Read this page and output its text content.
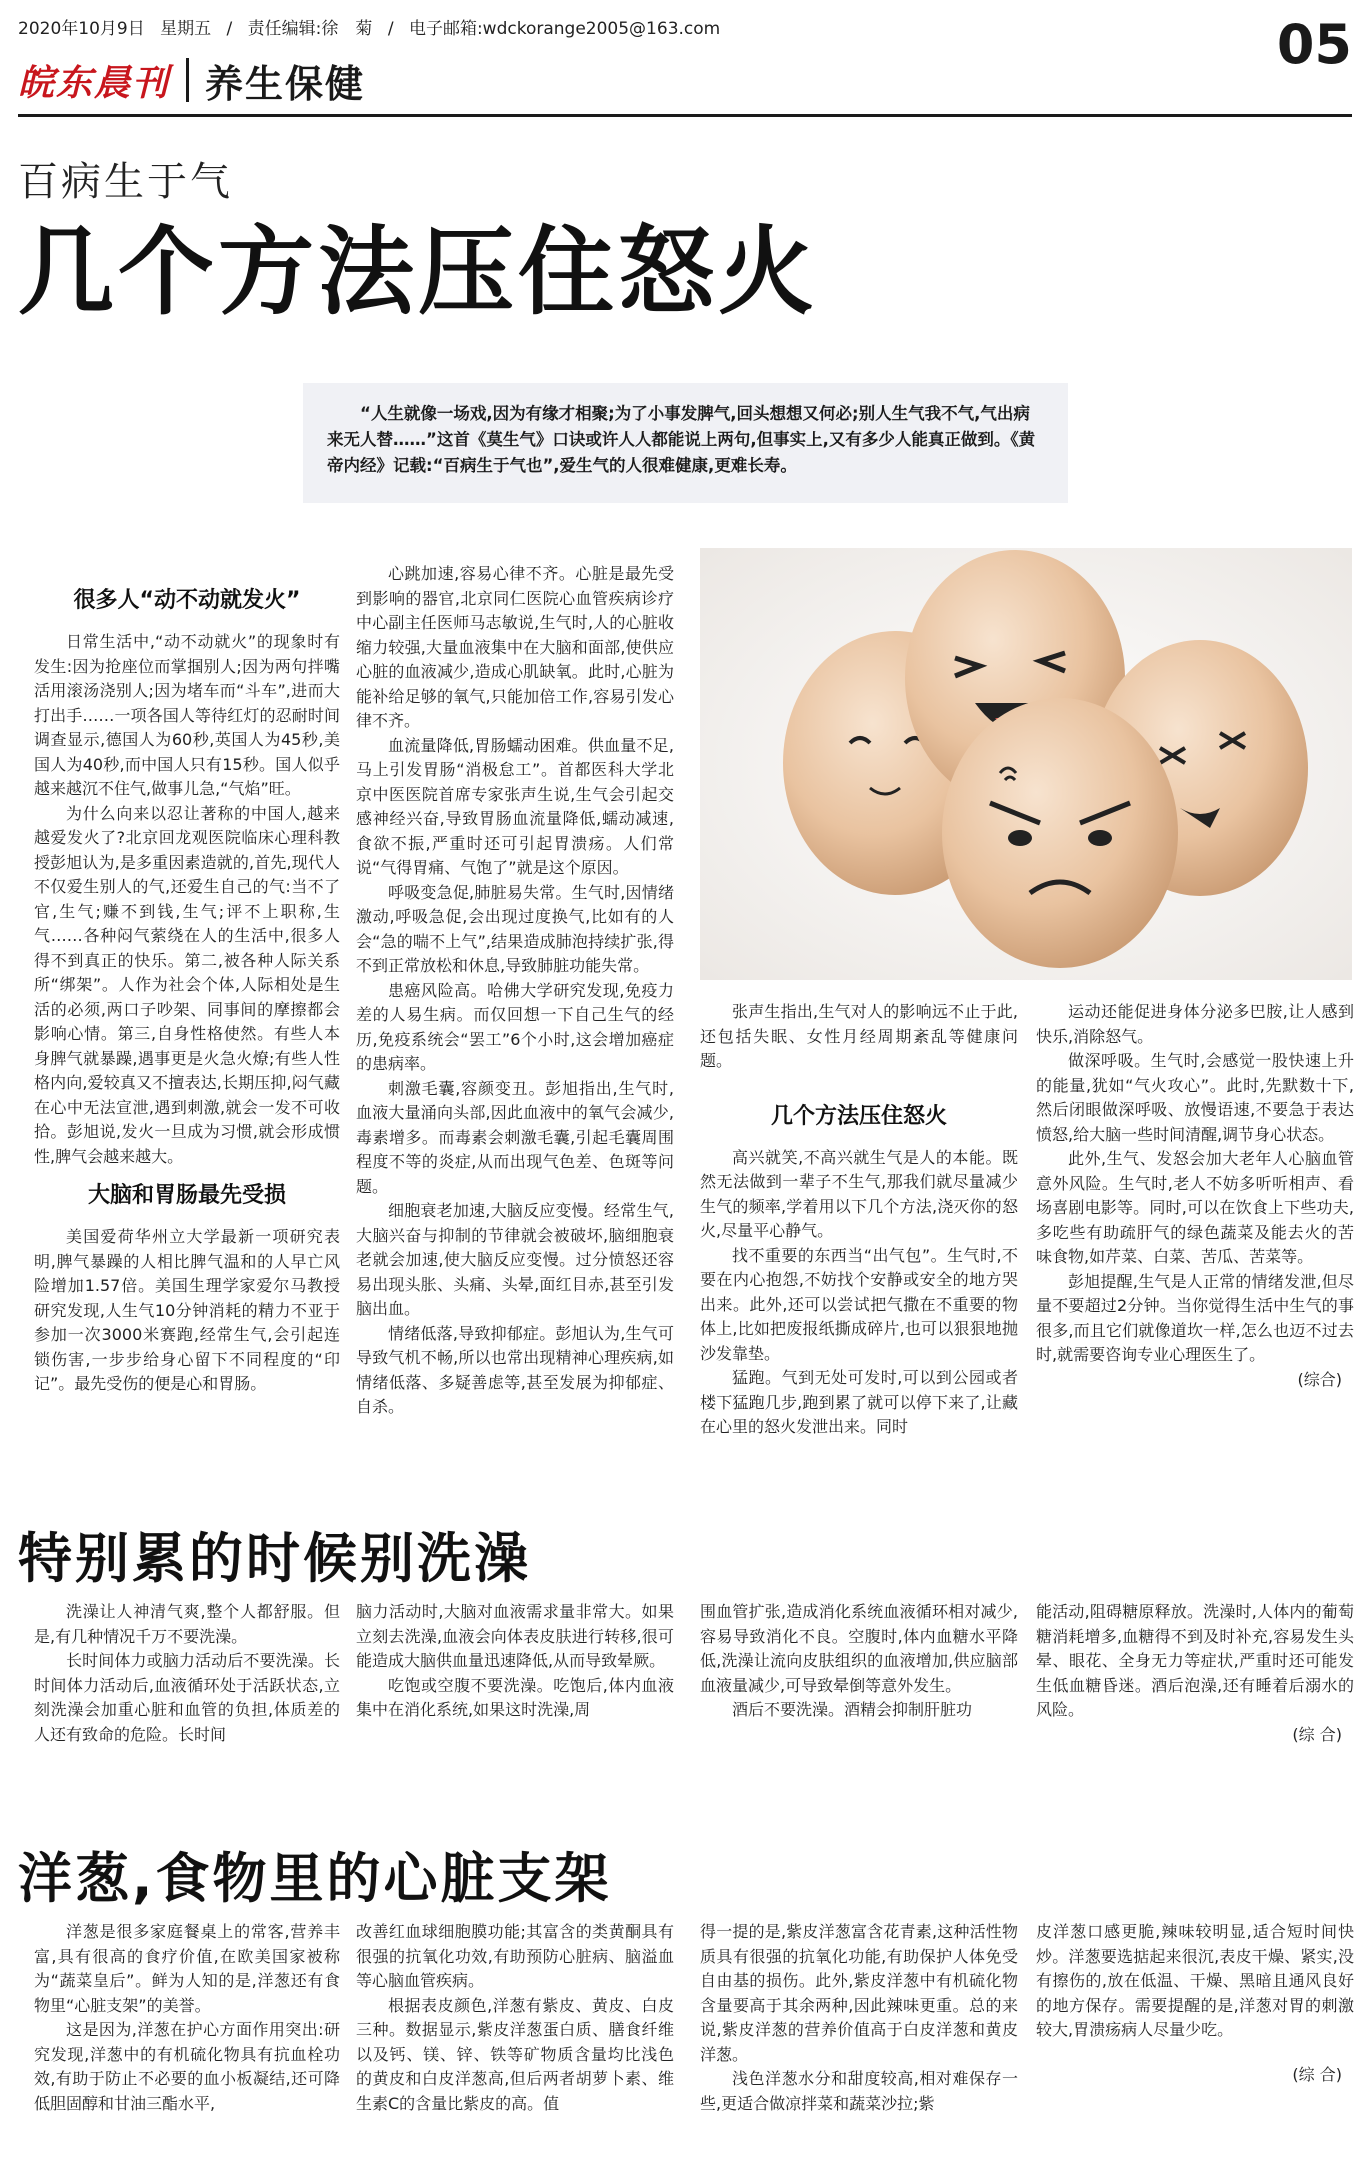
2020年10月9日 星期五 / 责任编辑:徐　菊 / 电子邮箱:wdckorange2005@163.com	05
皖东晨刊 养生保健
百病生于气
几个方法压住怒火

“人生就像一场戏,因为有缘才相聚;为了小事发脾气,回头想想又何必;别人生气我不气,气出病来无人替……”这首《莫生气》口诀或许人人都能说上两句,但事实上,又有多少人能真正做到。《黄帝内经》记载:“百病生于气也”,爱生气的人很难健康,更难长寿。

很多人“动不动就发火”

日常生活中,“动不动就火”的现象时有发生:因为抢座位而掌掴别人;因为两句拌嘴活用滚汤浇别人;因为堵车而“斗车”,进而大打出手……一项各国人等待红灯的忍耐时间调查显示,德国人为60秒,英国人为45秒,美国人为40秒,而中国人只有15秒。国人似乎越来越沉不住气,做事儿急,“气焰”旺。

为什么向来以忍让著称的中国人,越来越爱发火了?北京回龙观医院临床心理科教授彭旭认为,是多重因素造就的,首先,现代人不仅爱生别人的气,还爱生自己的气:当不了官,生气;赚不到钱,生气;评不上职称,生气……各种闷气萦绕在人的生活中,很多人得不到真正的快乐。第二,被各种人际关系所“绑架”。人作为社会个体,人际相处是生活的必须,两口子吵架、同事间的摩擦都会影响心情。第三,自身性格使然。有些人本身脾气就暴躁,遇事更是火急火燎;有些人性格内向,爱较真又不擅表达,长期压抑,闷气藏在心中无法宣泄,遇到刺激,就会一发不可收拾。彭旭说,发火一旦成为习惯,就会形成惯性,脾气会越来越大。

大脑和胃肠最先受损

美国爱荷华州立大学最新一项研究表明,脾气暴躁的人相比脾气温和的人早亡风险增加1.57倍。美国生理学家爱尔马教授研究发现,人生气10分钟消耗的精力不亚于参加一次3000米赛跑,经常生气,会引起连锁伤害,一步步给身心留下不同程度的“印记”。最先受伤的便是心和胃肠。

心跳加速,容易心律不齐。心脏是最先受到影响的器官,北京同仁医院心血管疾病诊疗中心副主任医师马志敏说,生气时,人的心脏收缩力较强,大量血液集中在大脑和面部,使供应心脏的血液减少,造成心肌缺氧。此时,心脏为能补给足够的氧气,只能加倍工作,容易引发心律不齐。

血流量降低,胃肠蠕动困难。供血量不足,马上引发胃肠“消极怠工”。首都医科大学北京中医医院首席专家张声生说,生气会引起交感神经兴奋,导致胃肠血流量降低,蠕动减速,食欲不振,严重时还可引起胃溃疡。人们常说“气得胃痛、气饱了”就是这个原因。

呼吸变急促,肺脏易失常。生气时,因情绪激动,呼吸急促,会出现过度换气,比如有的人会“急的喘不上气”,结果造成肺泡持续扩张,得不到正常放松和休息,导致肺脏功能失常。

患癌风险高。哈佛大学研究发现,免疫力差的人易生病。而仅回想一下自己生气的经历,免疫系统会“罢工”6个小时,这会增加癌症的患病率。

刺激毛囊,容颜变丑。彭旭指出,生气时,血液大量涌向头部,因此血液中的氧气会减少,毒素增多。而毒素会刺激毛囊,引起毛囊周围程度不等的炎症,从而出现气色差、色斑等问题。

细胞衰老加速,大脑反应变慢。经常生气,大脑兴奋与抑制的节律就会被破坏,脑细胞衰老就会加速,使大脑反应变慢。过分愤怒还容易出现头胀、头痛、头晕,面红目赤,甚至引发脑出血。

情绪低落,导致抑郁症。彭旭认为,生气可导致气机不畅,所以也常出现精神心理疾病,如情绪低落、多疑善虑等,甚至发展为抑郁症、自杀。

张声生指出,生气对人的影响远不止于此,还包括失眠、女性月经周期紊乱等健康问题。

几个方法压住怒火

高兴就笑,不高兴就生气是人的本能。既然无法做到一辈子不生气,那我们就尽量减少生气的频率,学着用以下几个方法,浇灭你的怒火,尽量平心静气。

找不重要的东西当“出气包”。生气时,不要在内心抱怨,不妨找个安静或安全的地方哭出来。此外,还可以尝试把气撒在不重要的物体上,比如把废报纸撕成碎片,也可以狠狠地抛沙发靠垫。

猛跑。气到无处可发时,可以到公园或者楼下猛跑几步,跑到累了就可以停下来了,让藏在心里的怒火发泄出来。同时

运动还能促进身体分泌多巴胺,让人感到快乐,消除怒气。

做深呼吸。生气时,会感觉一股快速上升的能量,犹如“气火攻心”。此时,先默数十下,然后闭眼做深呼吸、放慢语速,不要急于表达愤怒,给大脑一些时间清醒,调节身心状态。

此外,生气、发怒会加大老年人心脑血管意外风险。生气时,老人不妨多听听相声、看场喜剧电影等。同时,可以在饮食上下些功夫,多吃些有助疏肝气的绿色蔬菜及能去火的苦味食物,如芹菜、白菜、苦瓜、苦菜等。

彭旭提醒,生气是人正常的情绪发泄,但尽量不要超过2分钟。当你觉得生活中生气的事很多,而且它们就像道坎一样,怎么也迈不过去时,就需要咨询专业心理医生了。

(综合)
特别累的时候别洗澡

洗澡让人神清气爽,整个人都舒服。但是,有几种情况千万不要洗澡。

长时间体力或脑力活动后不要洗澡。长时间体力活动后,血液循环处于活跃状态,立刻洗澡会加重心脏和血管的负担,体质差的人还有致命的危险。长时间

脑力活动时,大脑对血液需求量非常大。如果立刻去洗澡,血液会向体表皮肤进行转移,很可能造成大脑供血量迅速降低,从而导致晕厥。

吃饱或空腹不要洗澡。吃饱后,体内血液集中在消化系统,如果这时洗澡,周

围血管扩张,造成消化系统血液循环相对减少,容易导致消化不良。空腹时,体内血糖水平降低,洗澡让流向皮肤组织的血液增加,供应脑部血液量减少,可导致晕倒等意外发生。

酒后不要洗澡。酒精会抑制肝脏功

能活动,阻碍糖原释放。洗澡时,人体内的葡萄糖消耗增多,血糖得不到及时补充,容易发生头晕、眼花、全身无力等症状,严重时还可能发生低血糖昏迷。酒后泡澡,还有睡着后溺水的风险。

(综 合)
洋葱,食物里的心脏支架

洋葱是很多家庭餐桌上的常客,营养丰富,具有很高的食疗价值,在欧美国家被称为“蔬菜皇后”。鲜为人知的是,洋葱还有食物里“心脏支架”的美誉。

这是因为,洋葱在护心方面作用突出:研究发现,洋葱中的有机硫化物具有抗血栓功效,有助于防止不必要的血小板凝结,还可降低胆固醇和甘油三酯水平,

改善红血球细胞膜功能;其富含的类黄酮具有很强的抗氧化功效,有助预防心脏病、脑溢血等心脑血管疾病。

根据表皮颜色,洋葱有紫皮、黄皮、白皮三种。数据显示,紫皮洋葱蛋白质、膳食纤维以及钙、镁、锌、铁等矿物质含量均比浅色的黄皮和白皮洋葱高,但后两者胡萝卜素、维生素C的含量比紫皮的高。值

得一提的是,紫皮洋葱富含花青素,这种活性物质具有很强的抗氧化功能,有助保护人体免受自由基的损伤。此外,紫皮洋葱中有机硫化物含量要高于其余两种,因此辣味更重。总的来说,紫皮洋葱的营养价值高于白皮洋葱和黄皮洋葱。

浅色洋葱水分和甜度较高,相对难保存一些,更适合做凉拌菜和蔬菜沙拉;紫

皮洋葱口感更脆,辣味较明显,适合短时间快炒。洋葱要选掂起来很沉,表皮干燥、紧实,没有擦伤的,放在低温、干燥、黑暗且通风良好的地方保存。需要提醒的是,洋葱对胃的刺激较大,胃溃疡病人尽量少吃。

(综 合)
